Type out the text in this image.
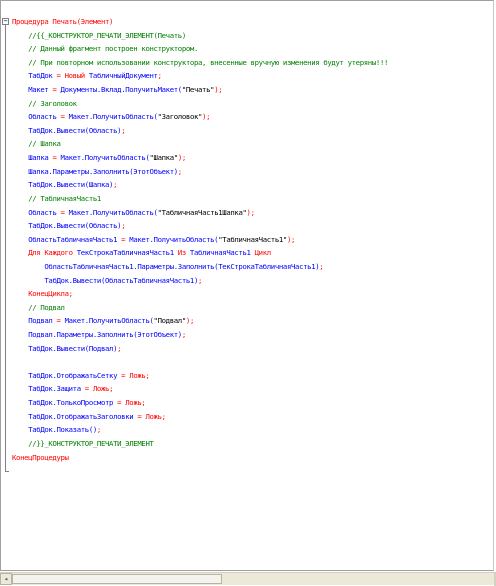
− Процедура Печать(Элемент)
//{{_КОНСТРУКТОР_ПЕЧАТИ_ЭЛЕМЕНТ(Печать)
// Данный фрагмент построен конструктором.
// При повторном использовании конструктора, внесенные вручную изменения будут утеряны!!!
ТабДок = Новый ТабличныйДокумент;
Макет = Документы.Вклад.ПолучитьМакет("Печать");
// Заголовок
Область = Макет.ПолучитьОбласть("Заголовок");
ТабДок.Вывести(Область);
// Шапка
Шапка = Макет.ПолучитьОбласть("Шапка");
Шапка.Параметры.Заполнить(ЭтотОбъект);
ТабДок.Вывести(Шапка);
// ТабличнаяЧасть1
Область = Макет.ПолучитьОбласть("ТабличнаяЧасть1Шапка");
ТабДок.Вывести(Область);
ОбластьТабличнаяЧасть1 = Макет.ПолучитьОбласть("ТабличнаяЧасть1");
Для Каждого ТекСтрокаТабличнаяЧасть1 Из ТабличнаяЧасть1 Цикл
ОбластьТабличнаяЧасть1.Параметры.Заполнить(ТекСтрокаТабличнаяЧасть1);
ТабДок.Вывести(ОбластьТабличнаяЧасть1);
КонецЦикла;
// Подвал
Подвал = Макет.ПолучитьОбласть("Подвал");
Подвал.Параметры.Заполнить(ЭтотОбъект);
ТабДок.Вывести(Подвал);
ТабДок.ОтображатьСетку = Ложь;
ТабДок.Защита = Ложь;
ТабДок.ТолькоПросмотр = Ложь;
ТабДок.ОтображатьЗаголовки = Ложь;
ТабДок.Показать();
//}}_КОНСТРУКТОР_ПЕЧАТИ_ЭЛЕМЕНТ
КонецПроцедуры
◂
